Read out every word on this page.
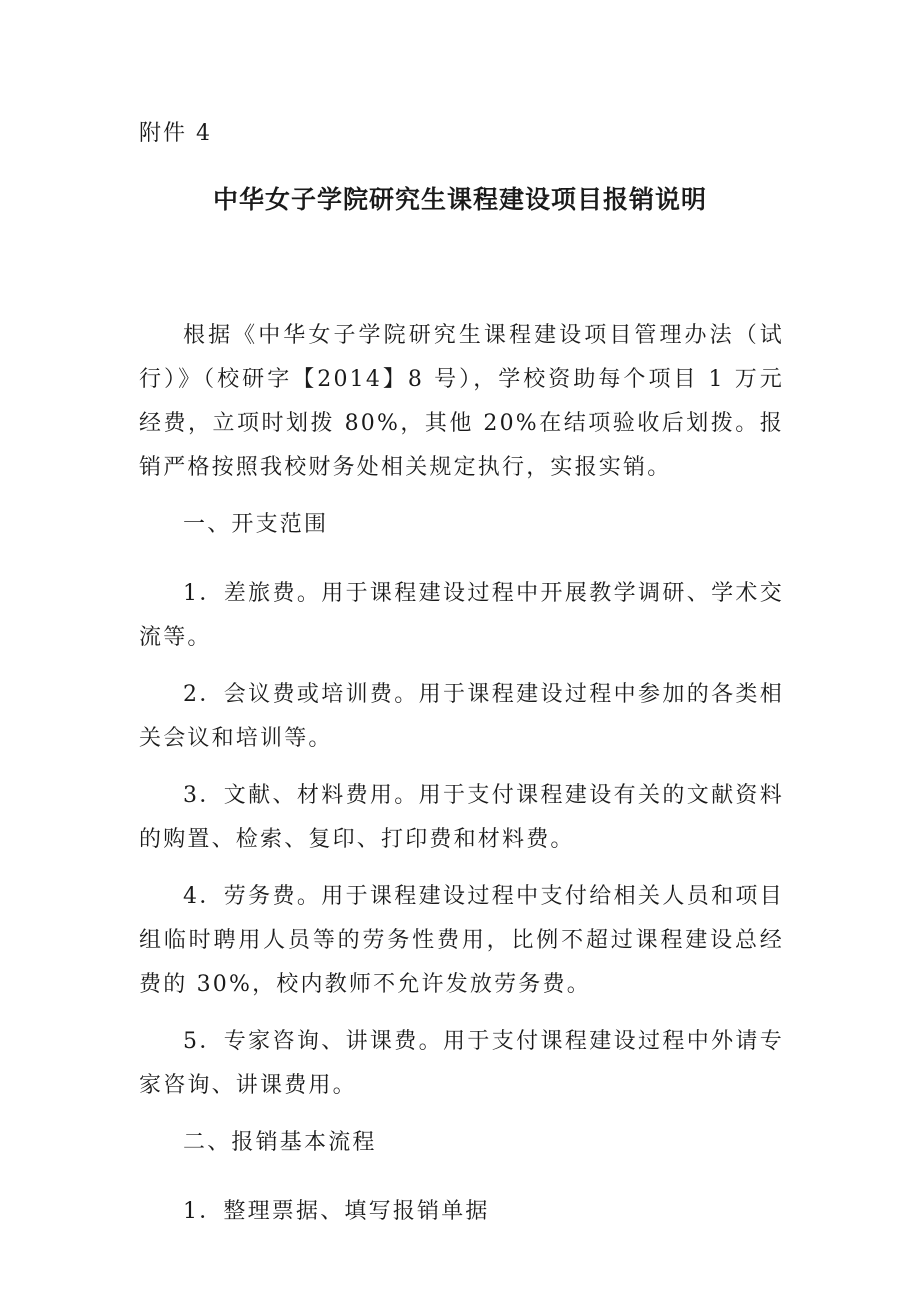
附件 4
中华女子学院研究生课程建设项目报销说明

根据《中华女子学院研究生课程建设项目管理办法（试行）》（校研字【2014】8 号），学校资助每个项目 1 万元经费，立项时划拨 80%，其他 20%在结项验收后划拨。报销严格按照我校财务处相关规定执行，实报实销。

一、开支范围

1．差旅费。用于课程建设过程中开展教学调研、学术交流等。

2．会议费或培训费。用于课程建设过程中参加的各类相关会议和培训等。

3．文献、材料费用。用于支付课程建设有关的文献资料的购置、检索、复印、打印费和材料费。

4．劳务费。用于课程建设过程中支付给相关人员和项目组临时聘用人员等的劳务性费用，比例不超过课程建设总经费的 30%，校内教师不允许发放劳务费。

5．专家咨询、讲课费。用于支付课程建设过程中外请专家咨询、讲课费用。

二、报销基本流程

1．整理票据、填写报销单据
